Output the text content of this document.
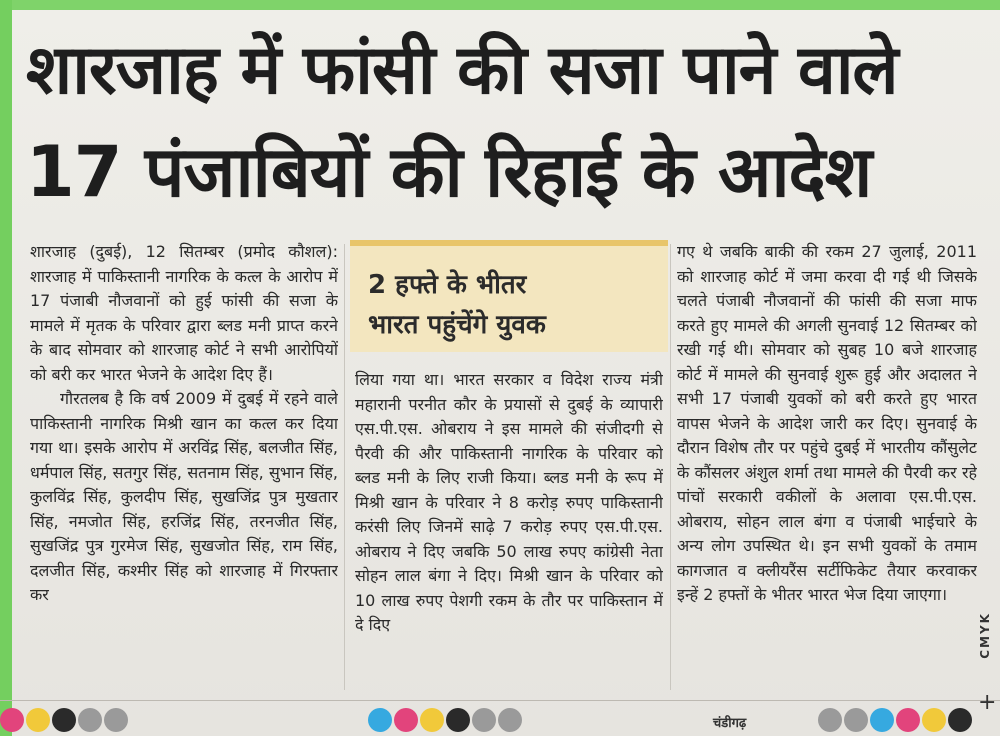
शारजाह में फांसी की सजा पाने वाले
17 पंजाबियों की रिहाई के आदेश

शारजाह (दुबई), 12 सितम्बर (प्रमोद कौशल): शारजाह में पाकिस्तानी नागरिक के कत्ल के आरोप में 17 पंजाबी नौजवानों को हुई फांसी की सजा के मामले में मृतक के परिवार द्वारा ब्लड मनी प्राप्त करने के बाद सोमवार को शारजाह कोर्ट ने सभी आरोपियों को बरी कर भारत भेजने के आदेश दिए हैं।

गौरतलब है कि वर्ष 2009 में दुबई में रहने वाले पाकिस्तानी नागरिक मिश्री खान का कत्ल कर दिया गया था। इसके आरोप में अरविंद्र सिंह, बलजीत सिंह, धर्मपाल सिंह, सतगुर सिंह, सतनाम सिंह, सुभान सिंह, कुलविंद्र सिंह, कुलदीप सिंह, सुखजिंद्र पुत्र मुखतार सिंह, नमजोत सिंह, हरजिंद्र सिंह, तरनजीत सिंह, सुखजिंद्र पुत्र गुरमेज सिंह, सुखजोत सिंह, राम सिंह, दलजीत सिंह, कश्मीर सिंह को शारजाह में गिरफ्तार कर

2 हफ्ते के भीतर

भारत पहुंचेंगे युवक

लिया गया था। भारत सरकार व विदेश राज्य मंत्री महारानी परनीत कौर के प्रयासों से दुबई के व्यापारी एस.पी.एस. ओबराय ने इस मामले की संजीदगी से पैरवी की और पाकिस्तानी नागरिक के परिवार को ब्लड मनी के लिए राजी किया। ब्लड मनी के रूप में मिश्री खान के परिवार ने 8 करोड़ रुपए पाकिस्तानी करंसी लिए जिनमें साढ़े 7 करोड़ रुपए एस.पी.एस. ओबराय ने दिए जबकि 50 लाख रुपए कांग्रेसी नेता सोहन लाल बंगा ने दिए। मिश्री खान के परिवार को 10 लाख रुपए पेशगी रकम के तौर पर पाकिस्तान में दे दिए

गए थे जबकि बाकी की रकम 27 जुलाई, 2011 को शारजाह कोर्ट में जमा करवा दी गई थी जिसके चलते पंजाबी नौजवानों की फांसी की सजा माफ करते हुए मामले की अगली सुनवाई 12 सितम्बर को रखी गई थी। सोमवार को सुबह 10 बजे शारजाह कोर्ट में मामले की सुनवाई शुरू हुई और अदालत ने सभी 17 पंजाबी युवकों को बरी करते हुए भारत वापस भेजने के आदेश जारी कर दिए। सुनवाई के दौरान विशेष तौर पर पहुंचे दुबई में भारतीय कौंसुलेट के कौंसलर अंशुल शर्मा तथा मामले की पैरवी कर रहे पांचों सरकारी वकीलों के अलावा एस.पी.एस. ओबराय, सोहन लाल बंगा व पंजाबी भाईचारे के अन्य लोग उपस्थित थे। इन सभी युवकों के तमाम कागजात व क्लीयरैंस सर्टीफिकेट तैयार करवाकर इन्हें 2 हफ्तों के भीतर भारत भेज दिया जाएगा।

चंडीगढ़
CMYK
+
